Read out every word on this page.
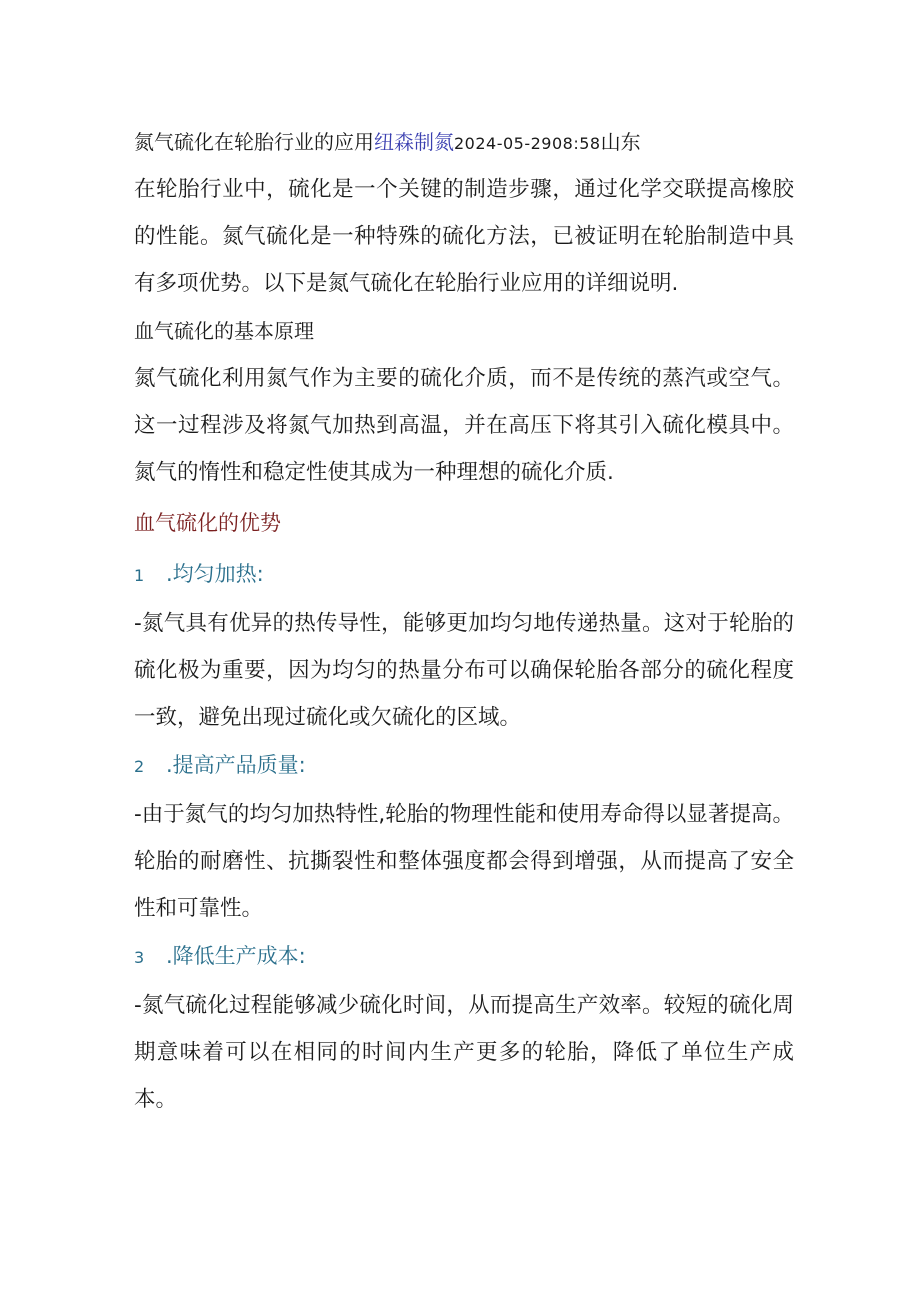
氮气硫化在轮胎行业的应用纽森制氮2024-05-2908:58山东

在轮胎行业中，硫化是一个关键的制造步骤，通过化学交联提高橡胶的性能。氮气硫化是一种特殊的硫化方法，已被证明在轮胎制造中具有多项优势。以下是氮气硫化在轮胎行业应用的详细说明.

血气硫化的基本原理

氮气硫化利用氮气作为主要的硫化介质，而不是传统的蒸汽或空气。这一过程涉及将氮气加热到高温，并在高压下将其引入硫化模具中。氮气的惰性和稳定性使其成为一种理想的硫化介质.

血气硫化的优势
1 .均匀加热:

-氮气具有优异的热传导性，能够更加均匀地传递热量。这对于轮胎的硫化极为重要，因为均匀的热量分布可以确保轮胎各部分的硫化程度一致，避免出现过硫化或欠硫化的区域。

2 .提高产品质量:

-由于氮气的均匀加热特性,轮胎的物理性能和使用寿命得以显著提高。轮胎的耐磨性、抗撕裂性和整体强度都会得到增强，从而提高了安全性和可靠性。

3 .降低生产成本:

-氮气硫化过程能够减少硫化时间，从而提高生产效率。较短的硫化周期意味着可以在相同的时间内生产更多的轮胎，降低了单位生产成本。
